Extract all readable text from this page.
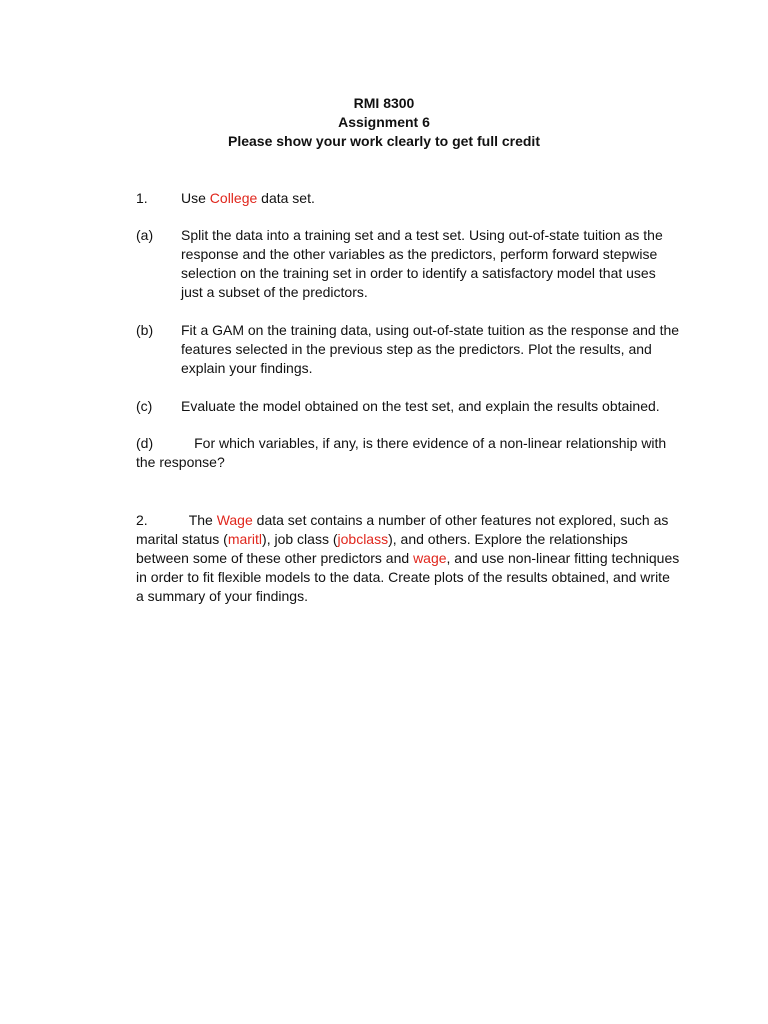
RMI 8300
Assignment 6
Please show your work clearly to get full credit
1. Use College data set.
(a) Split the data into a training set and a test set. Using out-of-state tuition as the response and the other variables as the predictors, perform forward stepwise selection on the training set in order to identify a satisfactory model that uses just a subset of the predictors.
(b) Fit a GAM on the training data, using out-of-state tuition as the response and the features selected in the previous step as the predictors. Plot the results, and explain your findings.
(c) Evaluate the model obtained on the test set, and explain the results obtained.
(d)	For which variables, if any, is there evidence of a non-linear relationship with the response?
2.	The Wage data set contains a number of other features not explored, such as marital status (maritl), job class (jobclass), and others. Explore the relationships between some of these other predictors and wage, and use non-linear fitting techniques in order to fit flexible models to the data. Create plots of the results obtained, and write a summary of your findings.
